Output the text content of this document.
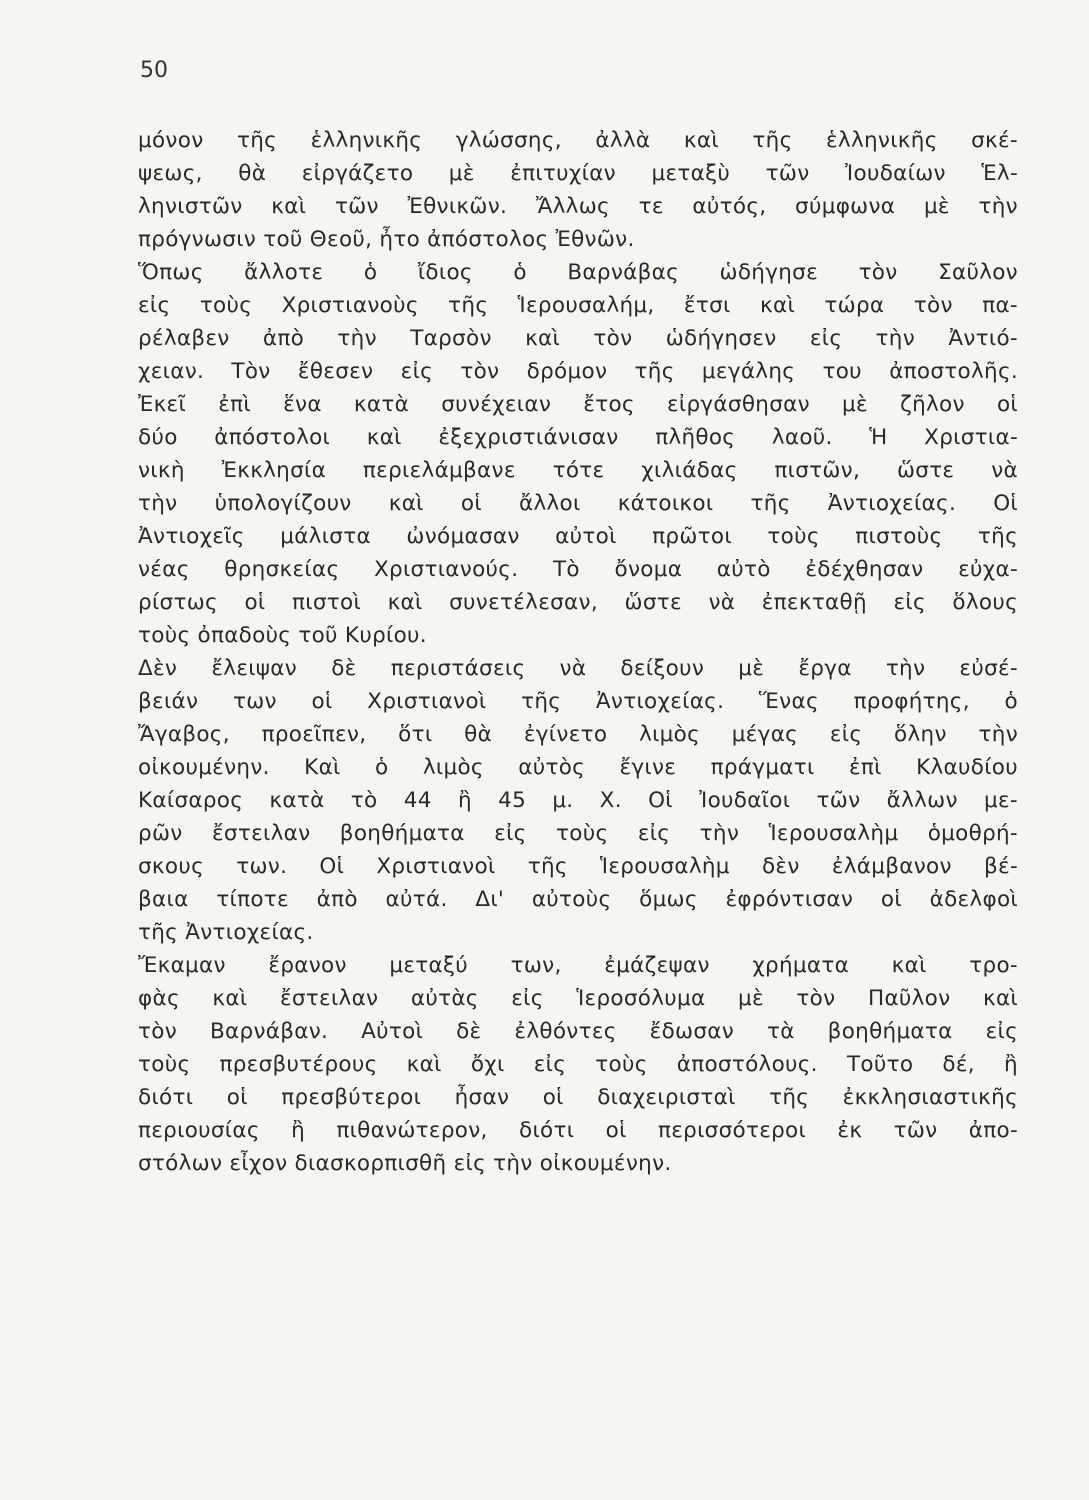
50
μόνον τῆς ἑλληνικῆς γλώσσης, ἀλλὰ καὶ τῆς ἑλληνικῆς σκέ-
ψεως, θὰ εἰργάζετο μὲ ἐπιτυχίαν μεταξὺ τῶν Ἰουδαίων Ἑλ-
ληνιστῶν καὶ τῶν Ἐθνικῶν. Ἄλλως τε αὐτός, σύμφωνα μὲ τὴν
πρόγνωσιν τοῦ Θεοῦ, ἦτο ἀπόστολος Ἐθνῶν.
Ὅπως ἄλλοτε ὁ ἴδιος ὁ Βαρνάβας ὡδήγησε τὸν Σαῦλον
εἰς τοὺς Χριστιανοὺς τῆς Ἱερουσαλήμ, ἔτσι καὶ τώρα τὸν πα-
ρέλαβεν ἀπὸ τὴν Ταρσὸν καὶ τὸν ὡδήγησεν εἰς τὴν Ἀντιό-
χειαν. Τὸν ἔθεσεν εἰς τὸν δρόμον τῆς μεγάλης του ἀποστολῆς.
Ἐκεῖ ἐπὶ ἕνα κατὰ συνέχειαν ἔτος εἰργάσθησαν μὲ ζῆλον οἱ
δύο ἀπόστολοι καὶ ἐξεχριστιάνισαν πλῆθος λαοῦ. Ἡ Χριστια-
νικὴ Ἐκκλησία περιελάμβανε τότε χιλιάδας πιστῶν, ὥστε νὰ
τὴν ὑπολογίζουν καὶ οἱ ἄλλοι κάτοικοι τῆς Ἀντιοχείας. Οἱ
Ἀντιοχεῖς μάλιστα ὠνόμασαν αὐτοὶ πρῶτοι τοὺς πιστοὺς τῆς
νέας θρησκείας Χριστιανούς. Τὸ ὄνομα αὐτὸ ἐδέχθησαν εὐχα-
ρίστως οἱ πιστοὶ καὶ συνετέλεσαν, ὥστε νὰ ἐπεκταθῇ εἰς ὅλους
τοὺς ὀπαδοὺς τοῦ Κυρίου.
Δὲν ἔλειψαν δὲ περιστάσεις νὰ δείξουν μὲ ἔργα τὴν εὐσέ-
βειάν των οἱ Χριστιανοὶ τῆς Ἀντιοχείας. Ἕνας προφήτης, ὁ
Ἄγαβος, προεῖπεν, ὅτι θὰ ἐγίνετο λιμὸς μέγας εἰς ὅλην τὴν
οἰκουμένην. Καὶ ὁ λιμὸς αὐτὸς ἔγινε πράγματι ἐπὶ Κλαυδίου
Καίσαρος κατὰ τὸ 44 ἢ 45 μ. Χ. Οἱ Ἰουδαῖοι τῶν ἄλλων με-
ρῶν ἔστειλαν βοηθήματα εἰς τοὺς εἰς τὴν Ἱερουσαλὴμ ὁμοθρή-
σκους των. Οἱ Χριστιανοὶ τῆς Ἱερουσαλὴμ δὲν ἐλάμβανον βέ-
βαια τίποτε ἀπὸ αὐτά. Δι' αὐτοὺς ὅμως ἐφρόντισαν οἱ ἀδελφοὶ
τῆς Ἀντιοχείας.
Ἔκαμαν ἔρανον μεταξύ των, ἐμάζεψαν χρήματα καὶ τρο-
φὰς καὶ ἔστειλαν αὐτὰς εἰς Ἱεροσόλυμα μὲ τὸν Παῦλον καὶ
τὸν Βαρνάβαν. Αὐτοὶ δὲ ἐλθόντες ἔδωσαν τὰ βοηθήματα εἰς
τοὺς πρεσβυτέρους καὶ ὄχι εἰς τοὺς ἀποστόλους. Τοῦτο δέ, ἢ
διότι οἱ πρεσβύτεροι ἦσαν οἱ διαχειρισταὶ τῆς ἐκκλησιαστικῆς
περιουσίας ἢ πιθανώτερον, διότι οἱ περισσότεροι ἐκ τῶν ἀπο-
στόλων εἶχον διασκορπισθῆ εἰς τὴν οἰκουμένην.
